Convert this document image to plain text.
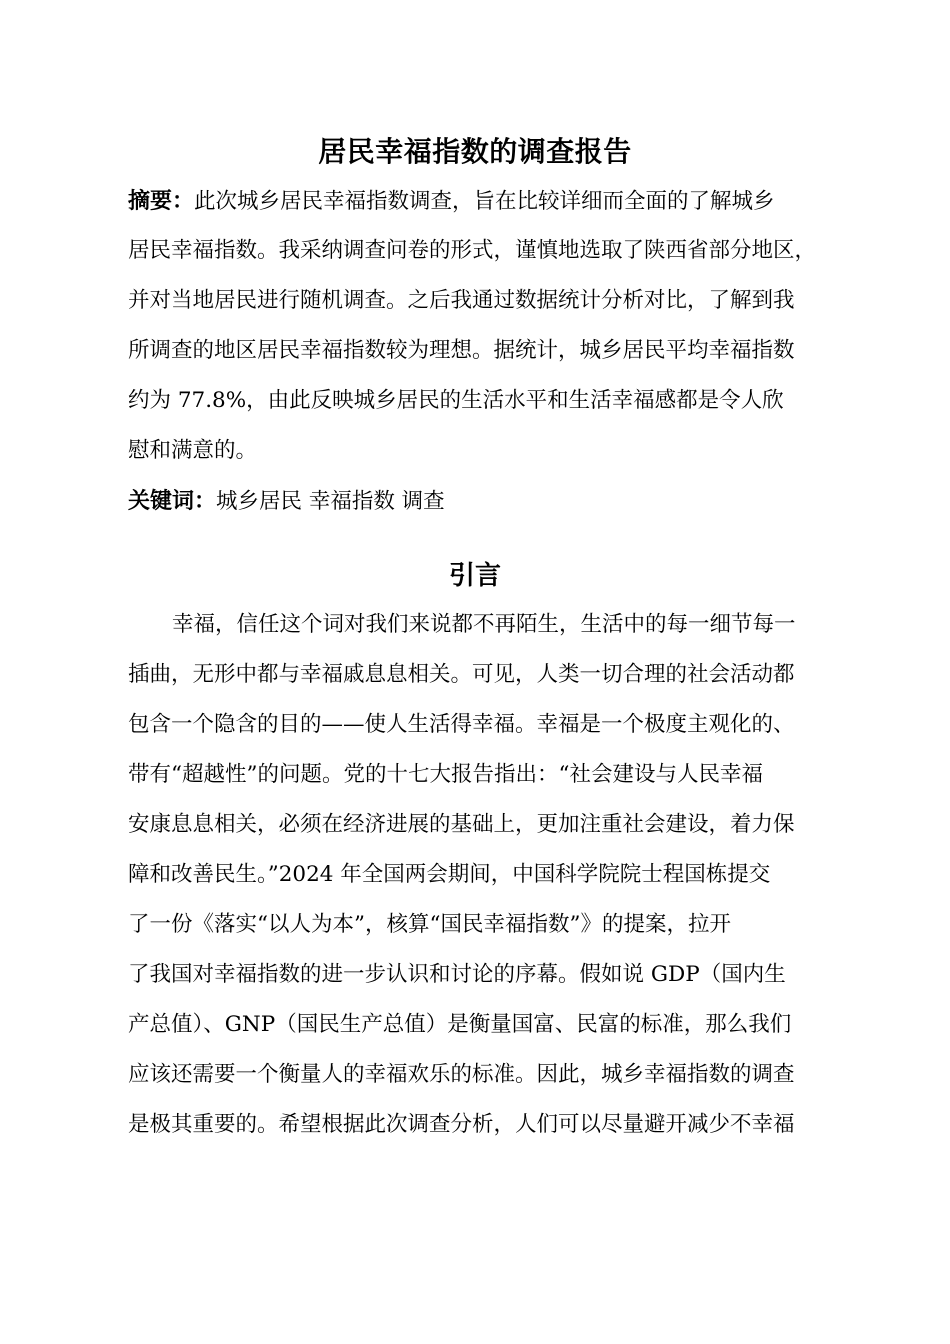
居民幸福指数的调查报告
摘要：此次城乡居民幸福指数调查，旨在比较详细而全面的了解城乡
居民幸福指数。我采纳调查问卷的形式，谨慎地选取了陕西省部分地区，
并对当地居民进行随机调查。之后我通过数据统计分析对比，了解到我
所调查的地区居民幸福指数较为理想。据统计，城乡居民平均幸福指数
约为 77.8%，由此反映城乡居民的生活水平和生活幸福感都是令人欣
慰和满意的。
关键词：城乡居民 幸福指数 调查
引言
幸福，信任这个词对我们来说都不再陌生，生活中的每一细节每一
插曲，无形中都与幸福戚息息相关。可见，人类一切合理的社会活动都
包含一个隐含的目的——使人生活得幸福。幸福是一个极度主观化的、
带有“超越性”的问题。党的十七大报告指出：“社会建设与人民幸福
安康息息相关，必须在经济进展的基础上，更加注重社会建设，着力保
障和改善民生。”2024 年全国两会期间，中国科学院院士程国栋提交
了一份《落实“以人为本”，核算“国民幸福指数”》的提案，拉开
了我国对幸福指数的进一步认识和讨论的序幕。假如说 GDP（国内生
产总值）、GNP（国民生产总值）是衡量国富、民富的标准，那么我们
应该还需要一个衡量人的幸福欢乐的标准。因此，城乡幸福指数的调查
是极其重要的。希望根据此次调查分析，人们可以尽量避开减少不幸福
